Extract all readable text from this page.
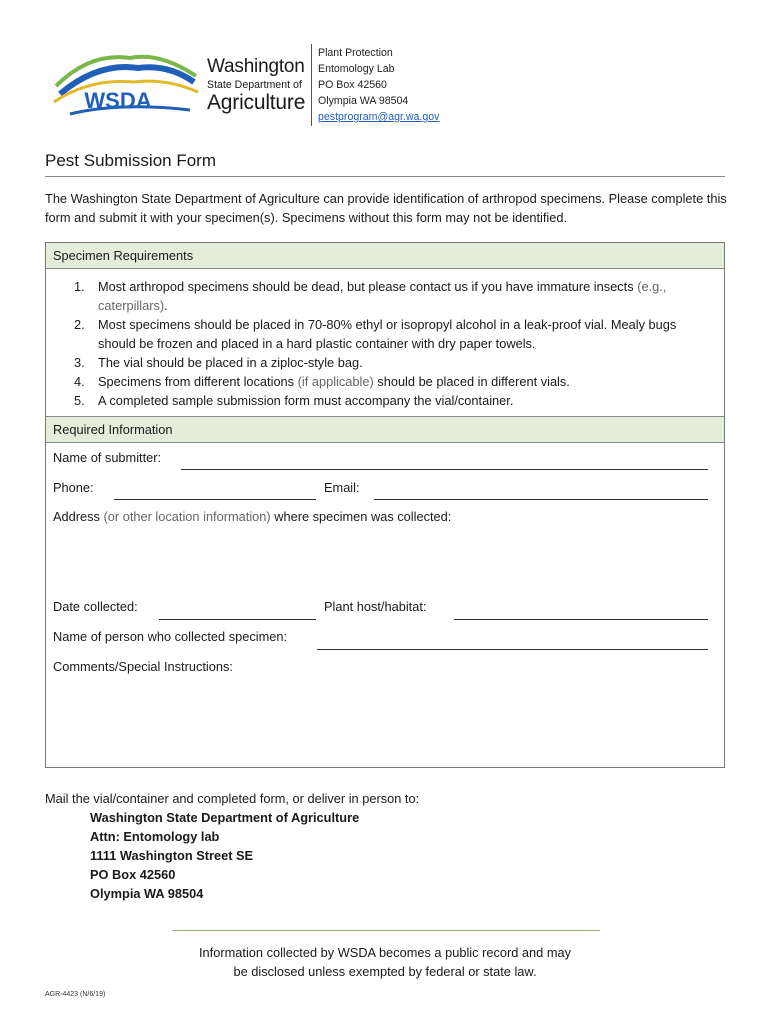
WSDA
Washington
State Department of
Agriculture
Plant Protection
Entomology Lab
PO Box 42560
Olympia WA 98504
pestprogram@agr.wa.gov
Pest Submission Form
The Washington State Department of Agriculture can provide identification of arthropod specimens. Please complete this form and submit it with your specimen(s). Specimens without this form may not be identified.
Specimen Requirements
1. Most arthropod specimens should be dead, but please contact us if you have immature insects (e.g., caterpillars).
2. Most specimens should be placed in 70-80% ethyl or isopropyl alcohol in a leak-proof vial. Mealy bugs should be frozen and placed in a hard plastic container with dry paper towels.
3. The vial should be placed in a ziploc-style bag.
4. Specimens from different locations (if applicable) should be placed in different vials.
5. A completed sample submission form must accompany the vial/container.
Required Information
Name of submitter:
Phone:	Email:
Address (or other location information) where specimen was collected:
Date collected:	Plant host/habitat:
Name of person who collected specimen:
Comments/Special Instructions:
Mail the vial/container and completed form, or deliver in person to:
Washington State Department of Agriculture
Attn: Entomology lab
1111 Washington Street SE
PO Box 42560
Olympia WA 98504
Information collected by WSDA becomes a public record and may
be disclosed unless exempted by federal or state law.
AGR-4423 (N/6/19)
